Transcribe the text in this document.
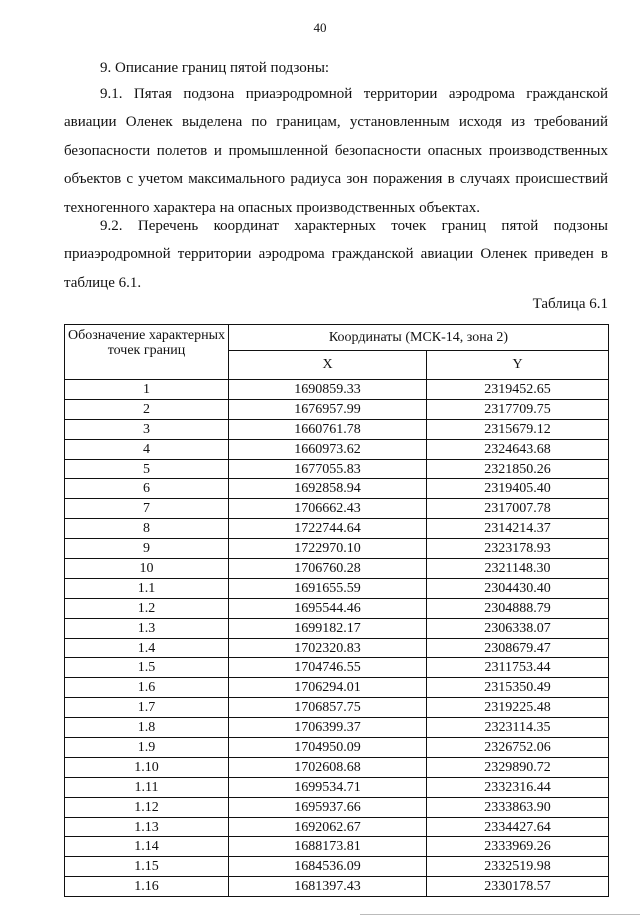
40
9. Описание границ пятой подзоны:

9.1. Пятая подзона приаэродромной территории аэродрома гражданской авиации Оленек выделена по границам, установленным исходя из требований безопасности полетов и промышленной безопасности опасных производственных объектов с учетом максимального радиуса зон поражения в случаях происшествий техногенного характера на опасных производственных объектах.

9.2. Перечень координат характерных точек границ пятой подзоны приаэродромной территории аэродрома гражданской авиации Оленек приведен в таблице 6.1.

Таблица 6.1
Обозначение характерных точек границ	Координаты (МСК-14, зона 2)	
	X	Y
1	1690859.33	2319452.65
2	1676957.99	2317709.75
3	1660761.78	2315679.12
4	1660973.62	2324643.68
5	1677055.83	2321850.26
6	1692858.94	2319405.40
7	1706662.43	2317007.78
8	1722744.64	2314214.37
9	1722970.10	2323178.93
10	1706760.28	2321148.30
1.1	1691655.59	2304430.40
1.2	1695544.46	2304888.79
1.3	1699182.17	2306338.07
1.4	1702320.83	2308679.47
1.5	1704746.55	2311753.44
1.6	1706294.01	2315350.49
1.7	1706857.75	2319225.48
1.8	1706399.37	2323114.35
1.9	1704950.09	2326752.06
1.10	1702608.68	2329890.72
1.11	1699534.71	2332316.44
1.12	1695937.66	2333863.90
1.13	1692062.67	2334427.64
1.14	1688173.81	2333969.26
1.15	1684536.09	2332519.98
1.16	1681397.43	2330178.57
